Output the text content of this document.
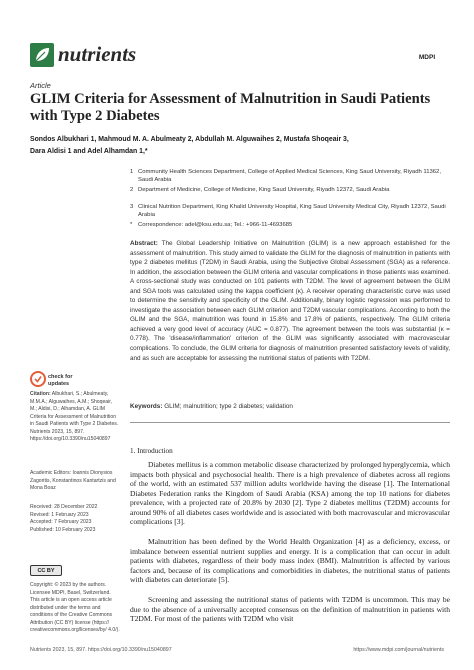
nutrients	MDPI
Article
GLIM Criteria for Assessment of Malnutrition in Saudi Patients with Type 2 Diabetes
Sondos Albukhari 1, Mahmoud M. A. Abulmeaty 2, Abdullah M. Alguwaihes 2, Mustafa Shoqeair 3,
Dara Aldisi 1 and Adel Alhamdan 1,*
1 Community Health Sciences Department, College of Applied Medical Sciences, King Saud University, Riyadh 11362, Saudi Arabia
2 Department of Medicine, College of Medicine, King Saud University, Riyadh 12372, Saudi Arabia
3 Clinical Nutrition Department, King Khalid University Hospital, King Saud University Medical City, Riyadh 12372, Saudi Arabia
* Correspondence: adel@ksu.edu.sa; Tel.: +966-11-4693685
Abstract: The Global Leadership Initiative on Malnutrition (GLIM) is a new approach established for the assessment of malnutrition. This study aimed to validate the GLIM for the diagnosis of malnutrition in patients with type 2 diabetes mellitus (T2DM) in Saudi Arabia, using the Subjective Global Assessment (SGA) as a reference. In addition, the association between the GLIM criteria and vascular complications in those patients was examined. A cross-sectional study was conducted on 101 patients with T2DM. The level of agreement between the GLIM and SGA tools was calculated using the kappa coefficient (κ). A receiver operating characteristic curve was used to determine the sensitivity and specificity of the GLIM. Additionally, binary logistic regression was performed to investigate the association between each GLIM criterion and T2DM vascular complications. According to both the GLIM and the SGA, malnutrition was found in 15.8% and 17.8% of patients, respectively. The GLIM criteria achieved a very good level of accuracy (AUC = 0.877). The agreement between the tools was substantial (κ = 0.778). The 'disease/inflammation' criterion of the GLIM was significantly associated with macrovascular complications. To conclude, the GLIM criteria for diagnosis of malnutrition presented satisfactory levels of validity, and as such are acceptable for assessing the nutritional status of patients with T2DM.
Keywords: GLIM; malnutrition; type 2 diabetes; validation
check for
updates
Citation: Albukhari, S.; Abulmeaty, M.M.A.; Alguwaihes, A.M.; Shoqeair, M.; Aldisi, D.; Alhamdan, A. GLIM Criteria for Assessment of Malnutrition in Saudi Patients with Type 2 Diabetes. Nutrients 2023, 15, 897. https://doi.org/10.3390/nu15040897
Academic Editors: Ioannis Dionysios Zagoritis, Konstantinos Kantartzis and Mona Boaz
Received: 28 December 2022
Revised: 1 February 2023
Accepted: 7 February 2023
Published: 10 February 2023
CC BY
Copyright: © 2023 by the authors. Licensee MDPI, Basel, Switzerland. This article is an open access article distributed under the terms and conditions of the Creative Commons Attribution (CC BY) license (https:// creativecommons.org/licenses/by/ 4.0/).
1. Introduction
Diabetes mellitus is a common metabolic disease characterized by prolonged hyperglycemia, which impacts both physical and psychosocial health. There is a high prevalence of diabetes across all regions of the world, with an estimated 537 million adults worldwide having the disease [1]. The International Diabetes Federation ranks the Kingdom of Saudi Arabia (KSA) among the top 10 nations for diabetes prevalence, with a projected rate of 20.8% by 2030 [2]. Type 2 diabetes mellitus (T2DM) accounts for around 90% of all diabetes cases worldwide and is associated with both macrovascular and microvascular complications [3].
Malnutrition has been defined by the World Health Organization [4] as a deficiency, excess, or imbalance between essential nutrient supplies and energy. It is a complication that can occur in adult patients with diabetes, regardless of their body mass index (BMI). Malnutrition is affected by various factors and, because of its complications and comorbidities in diabetes, the nutritional status of patients with diabetes can deteriorate [5].
Screening and assessing the nutritional status of patients with T2DM is uncommon. This may be due to the absence of a universally accepted consensus on the definition of malnutrition in patients with T2DM. For most of the patients with T2DM who visit
Nutrients 2023, 15, 897. https://doi.org/10.3390/nu15040897	https://www.mdpi.com/journal/nutrients
